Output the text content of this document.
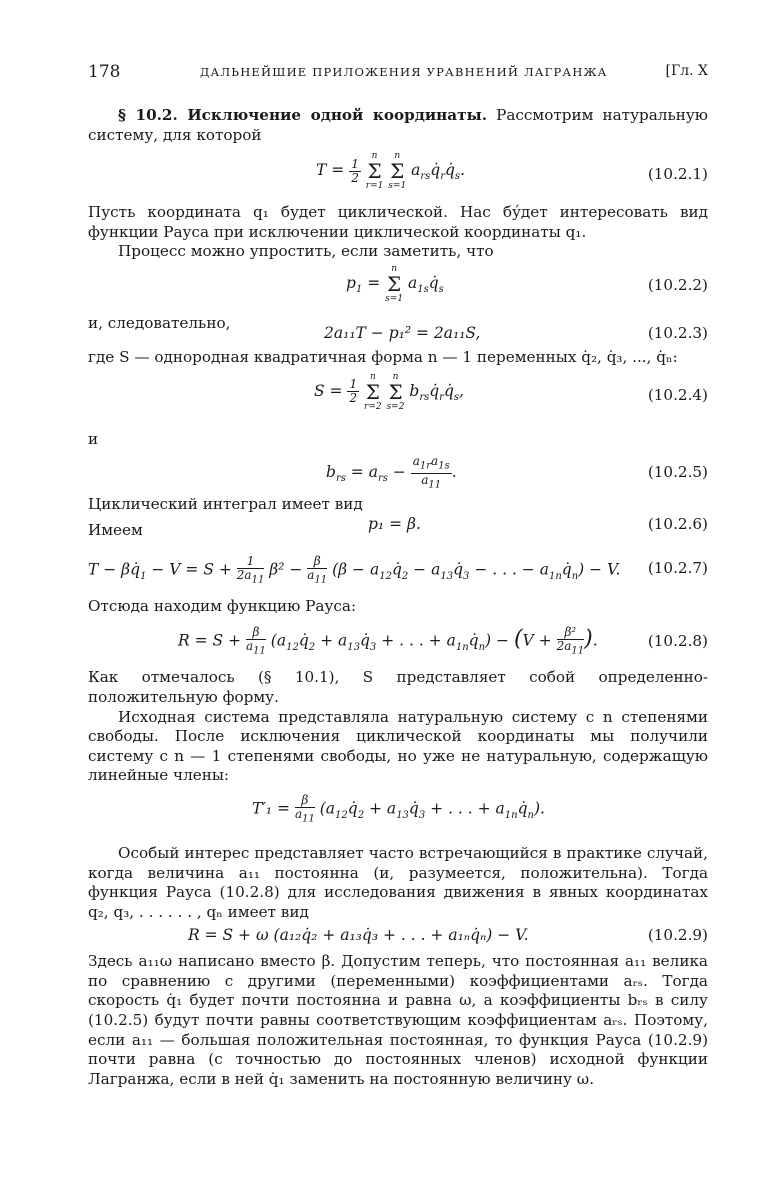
178	ДАЛЬНЕЙШИЕ ПРИЛОЖЕНИЯ УРАВНЕНИЙ ЛАГРАНЖА	[Гл. X

§ 10.2. Исключение одной координаты. Рассмотрим натуральную систему, для которой

$T = \frac{1}{2}$
n
Σ
r=1 n
Σ
s=1 $a_{rs}q̇_rq̇_s$.	(10.2.1)

Пусть координата q₁ будет циклической. Нас бу́дет интересовать вид функции Рауса при исключении циклической координаты q₁.

Процесс можно упростить, если заметить, что

$p_1 = n$
Σ
s=1 $a_{1s}q̇_s$	(10.2.2)
и, следовательно,
2a₁₁T − p₁² = 2a₁₁S,	(10.2.3)

где S — однородная квадратичная форма n — 1 переменных q̇₂, q̇₃, ..., q̇ₙ:

$S = \frac{1}{2}$
n
Σ
r=2 n
Σ
s=2 $b_{rs}q̇_rq̇_s$,	(10.2.4)

и

$b_{rs} = a_{rs} - \frac{a_{1r}a_{1s}}{a_{11}}$ .	(10.2.5)

Циклический интеграл имеет вид

Имеем	p₁ = β.	(10.2.6)
$T - \beta q̇_1 - V = S + \frac{1}{2a_{11}} \beta^2 - \frac{\beta}{a_{11}} (\beta$ − $a_{12}q̇_2$ − $a_{13}q̇_3$ − . . . − $a_{1n}q̇_n) - V$. (10.2.7)

Отсюда находим функцию Рауса:

$R = S + \frac{\beta}{a_{11}}$ ($a_{12}q̇_2$ + $a_{13}q̇_3$ + . . . + $a_{1n}q̇_n) - (V + \frac{\text{β²}}{2a_{11}}$ ).	(10.2.8)

Как отмечалось (§ 10.1), S представляет собой определенно-положительную форму.

Исходная система представляла натуральную систему с n степенями свободы. После исключения циклической координаты мы получили систему с n — 1 степенями свободы, но уже не натуральную, содержащую линейные члены:

$T'_1 = \frac{\beta}{a_{11}}$ ($a_{12}q̇_2$ + $a_{13}q̇_3$ + . . . + $a_{1n}q̇_n$).

Особый интерес представляет часто встречающийся в практике случай, когда величина a₁₁ постоянна (и, разумеется, положительна). Тогда функция Рауса (10.2.8) для исследования движения в явных координатах q₂, q₃, . . . . . . , qₙ имеет вид

R = S + ω (a₁₂q̇₂ + a₁₃q̇₃ + . . . + a₁ₙq̇ₙ) − V.	(10.2.9)

Здесь a₁₁ω написано вместо β. Допустим теперь, что постоянная a₁₁ велика по сравнению с другими (переменными) коэффициентами aᵣₛ. Тогда скорость q̇₁ будет почти постоянна и равна ω, а коэффициенты bᵣₛ в силу (10.2.5) будут почти равны соответствующим коэффициентам aᵣₛ. Поэтому, если a₁₁ — большая положительная постоянная, то функция Рауса (10.2.9) почти равна (с точностью до постоянных членов) исходной функции Лагранжа, если в ней q̇₁ заменить на постоянную величину ω.
